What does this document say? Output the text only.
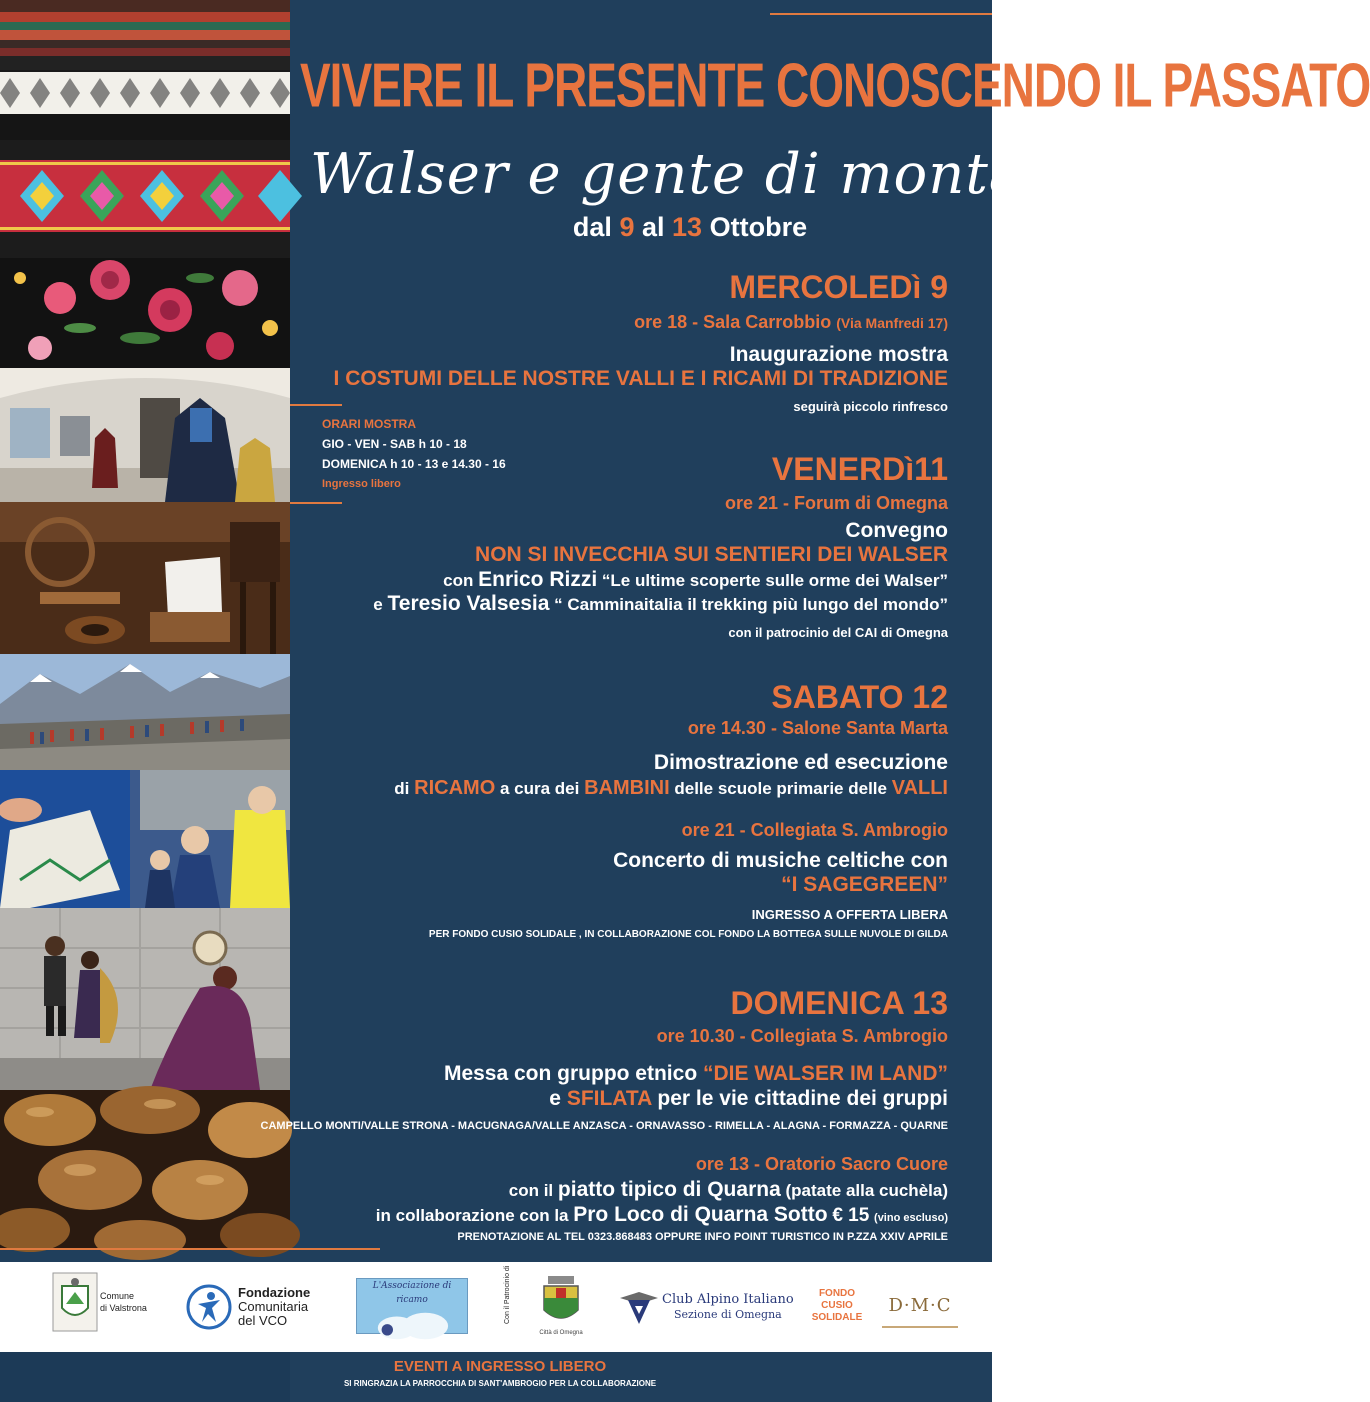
VIVERE IL PRESENTE CONOSCENDO IL PASSATO
Walser e gente di montagna
dal 9 al 13 Ottobre
ORARI MOSTRA
GIO - VEN - SAB h 10 - 18
DOMENICA h 10 - 13 e 14.30 - 16
Ingresso libero
MERCOLEDì 9
ore 18 - Sala Carrobbio (Via Manfredi 17)
Inaugurazione mostra
I COSTUMI DELLE NOSTRE VALLI E I RICAMI DI TRADIZIONE
seguirà piccolo rinfresco
VENERDì11
ore 21 - Forum di Omegna
Convegno
NON SI INVECCHIA SUI SENTIERI DEI WALSER
con Enrico Rizzi “Le ultime scoperte sulle orme dei Walser”
e Teresio Valsesia “ Camminaitalia il trekking più lungo del mondo”
con il patrocinio del CAI di Omegna
SABATO 12
ore 14.30 - Salone Santa Marta
Dimostrazione ed esecuzione
di RICAMO a cura dei BAMBINI delle scuole primarie delle VALLI
ore 21 - Collegiata S. Ambrogio
Concerto di musiche celtiche con
“I SAGEGREEN”
INGRESSO A OFFERTA LIBERA
PER FONDO CUSIO SOLIDALE , IN COLLABORAZIONE COL FONDO LA BOTTEGA SULLE NUVOLE DI GILDA
DOMENICA 13
ore 10.30 - Collegiata S. Ambrogio
Messa con gruppo etnico “DIE WALSER IM LAND”
e SFILATA per le vie cittadine dei gruppi
CAMPELLO MONTI/VALLE STRONA - MACUGNAGA/VALLE ANZASCA - ORNAVASSO - RIMELLA - ALAGNA - FORMAZZA - QUARNE
ore 13 - Oratorio Sacro Cuore
con il piatto tipico di Quarna (patate alla cuchèla)
in collaborazione con la Pro Loco di Quarna Sotto € 15 (vino escluso)
PRENOTAZIONE AL TEL 0323.868483 OPPURE INFO POINT TURISTICO IN P.ZZA XXIV APRILE
Comune
di Valstrona
Fondazione
Comunitaria
del VCO
L'Associazione di ricamo	Con il Patrocinio di
Città di Omegna
Club Alpino Italiano
Sezione di Omegna
FONDO
CUSIO
SOLIDALE
D·M·C
EVENTI A INGRESSO LIBERO
SI RINGRAZIA LA PARROCCHIA DI SANT'AMBROGIO PER LA COLLABORAZIONE
